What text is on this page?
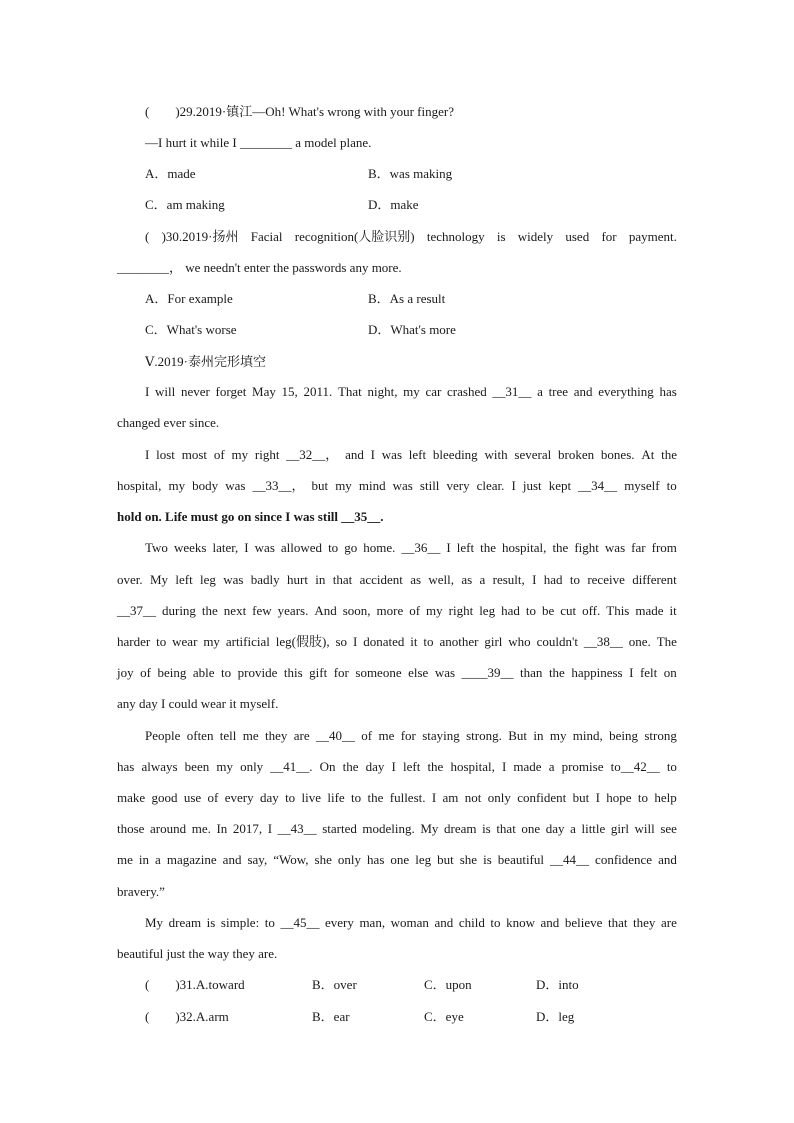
(　　)29.2019·镇江—Oh! What's wrong with your finger?
—I hurt it while I ________ a model plane.
A．made	B．was making
C．am making	D．make
( )30.2019·扬州 Facial recognition(人脸识别) technology is widely used for payment.
________， we needn't enter the passwords any more.
A．For example	B．As a result
C．What's worse	D．What's more
Ⅴ.2019·泰州完形填空
I will never forget May 15, 2011. That night, my car crashed __31__ a tree and everything has
changed ever since.
I lost most of my right __32__， and I was left bleeding with several broken bones. At the
hospital, my body was __33__， but my mind was still very clear. I just kept __34__ myself to
hold on. Life must go on since I was still __35__.
Two weeks later, I was allowed to go home. __36__ I left the hospital, the fight was far from
over. My left leg was badly hurt in that accident as well, as a result, I had to receive different
__37__ during the next few years. And soon, more of my right leg had to be cut off. This made it
harder to wear my artificial leg(假肢), so I donated it to another girl who couldn't __38__ one. The
joy of being able to provide this gift for someone else was ____39__ than the happiness I felt on
any day I could wear it myself.
People often tell me they are __40__ of me for staying strong. But in my mind, being strong
has always been my only __41__. On the day I left the hospital, I made a promise to__42__ to
make good use of every day to live life to the fullest. I am not only confident but I hope to help
those around me. In 2017, I __43__ started modeling. My dream is that one day a little girl will see
me in a magazine and say, “Wow, she only has one leg but she is beautiful __44__ confidence and
bravery.”
My dream is simple: to __45__ every man, woman and child to know and believe that they are
beautiful just the way they are.
(　　)31.A.toward	B．over	C．upon	D．into
(　　)32.A.arm	B．ear	C．eye	D．leg
